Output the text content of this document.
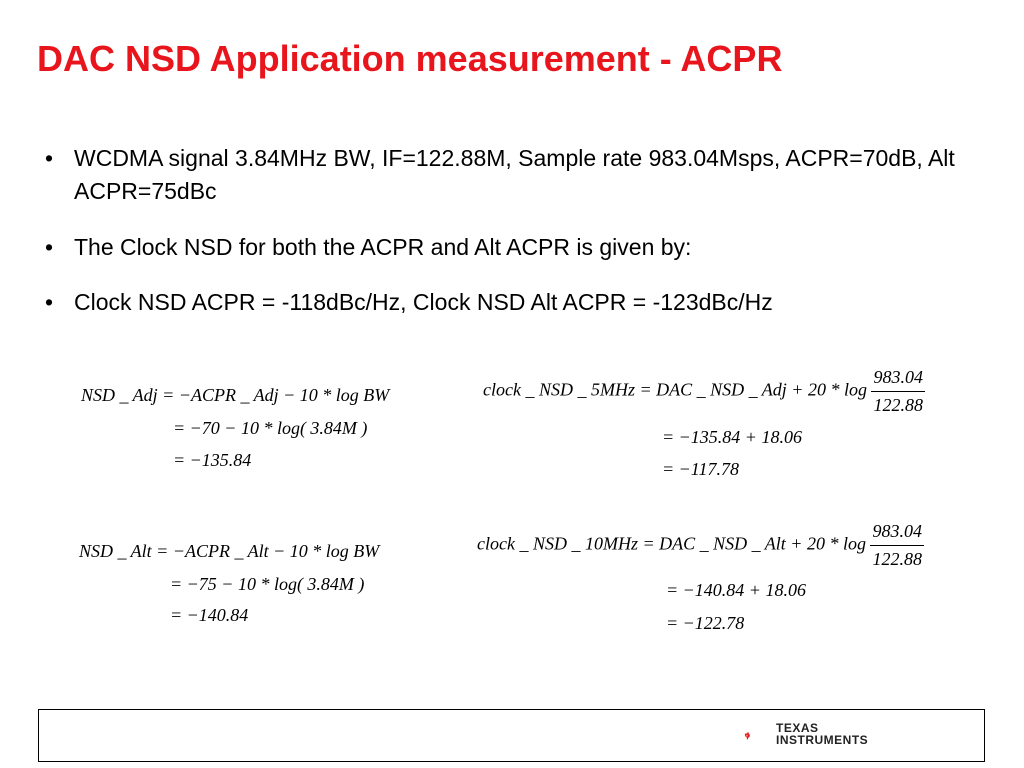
DAC NSD Application measurement - ACPR
• WCDMA signal 3.84MHz BW, IF=122.88M, Sample rate 983.04Msps, ACPR=70dB, Alt ACPR=75dBc
• The Clock NSD for both the ACPR and Alt ACPR is given by:
• Clock NSD ACPR = -118dBc/Hz, Clock NSD Alt ACPR = -123dBc/Hz
NSD _ Adj = −ACPR _ Adj − 10 * log BW
= −70 − 10 * log( 3.84M )
= −135.84
NSD _ Alt = −ACPR _ Alt − 10 * log BW
= −75 − 10 * log( 3.84M )
= −140.84
clock _ NSD _ 5MHz = DAC _ NSD _ Adj + $20 * \log \frac{983.04}{122.88}$
= −135.84 + 18.06
= −117.78
clock _ NSD _ 10MHz = DAC _ NSD _ Alt + $20 * \log \frac{983.04}{122.88}$
= −140.84 + 18.06
= −122.78
ti
TEXAS
INSTRUMENTS
